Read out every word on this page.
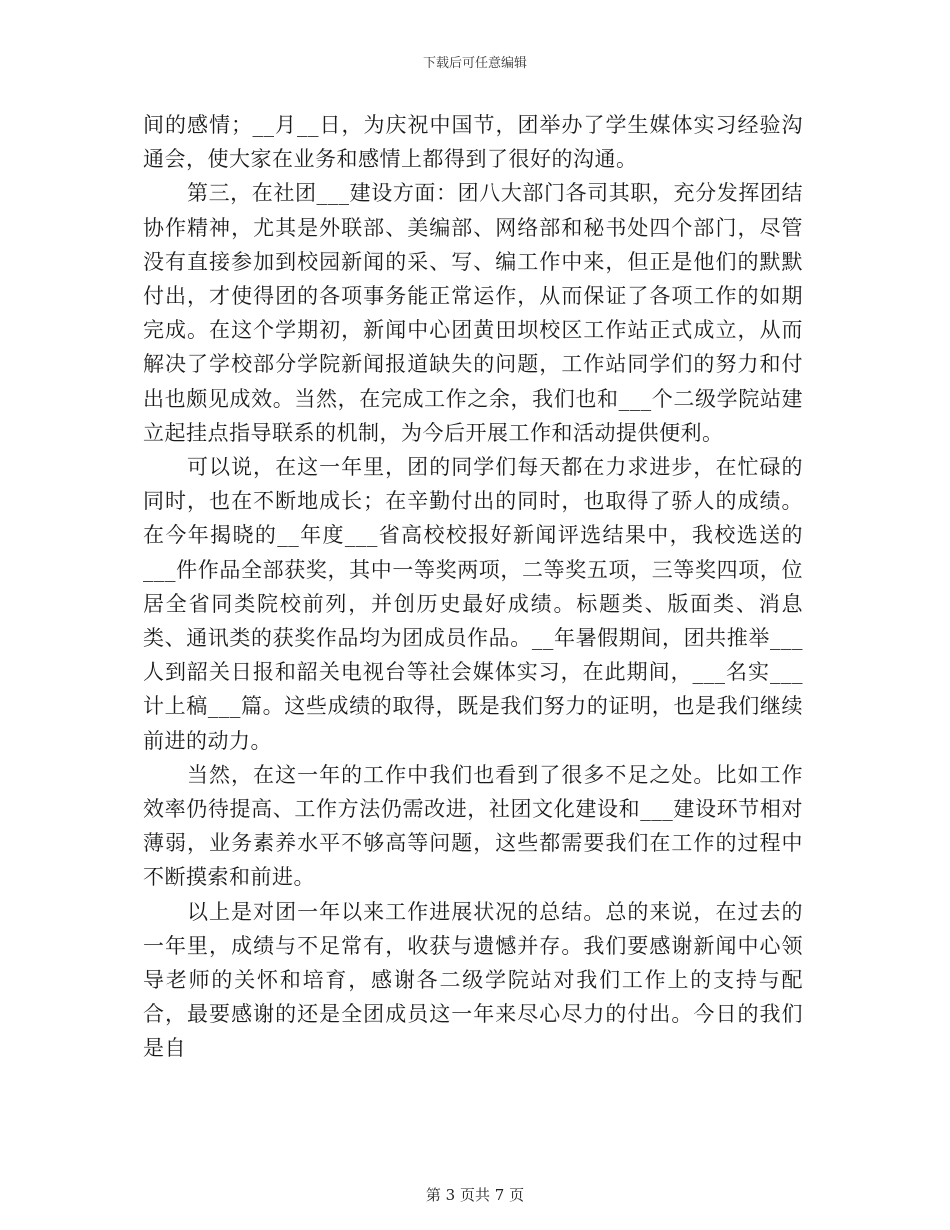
下载后可任意编辑

间的感情；__月__日，为庆祝中国节，团举办了学生媒体实习经验沟通会，使大家在业务和感情上都得到了很好的沟通。

第三，在社团___建设方面：团八大部门各司其职，充分发挥团结协作精神，尤其是外联部、美编部、网络部和秘书处四个部门，尽管没有直接参加到校园新闻的采、写、编工作中来，但正是他们的默默付出，才使得团的各项事务能正常运作，从而保证了各项工作的如期完成。在这个学期初，新闻中心团黄田坝校区工作站正式成立，从而解决了学校部分学院新闻报道缺失的问题，工作站同学们的努力和付出也颇见成效。当然，在完成工作之余，我们也和___个二级学院站建立起挂点指导联系的机制，为今后开展工作和活动提供便利。

可以说，在这一年里，团的同学们每天都在力求进步，在忙碌的同时，也在不断地成长；在辛勤付出的同时，也取得了骄人的成绩。在今年揭晓的__年度___省高校校报好新闻评选结果中，我校选送的___件作品全部获奖，其中一等奖两项，二等奖五项，三等奖四项，位居全省同类院校前列，并创历史最好成绩。标题类、版面类、消息类、通讯类的获奖作品均为团成员作品。__年暑假期间，团共推举___人到韶关日报和韶关电视台等社会媒体实习，在此期间，___名实___计上稿___篇。这些成绩的取得，既是我们努力的证明，也是我们继续前进的动力。

当然，在这一年的工作中我们也看到了很多不足之处。比如工作效率仍待提高、工作方法仍需改进，社团文化建设和___建设环节相对薄弱，业务素养水平不够高等问题，这些都需要我们在工作的过程中不断摸索和前进。

以上是对团一年以来工作进展状况的总结。总的来说，在过去的一年里，成绩与不足常有，收获与遗憾并存。我们要感谢新闻中心领导老师的关怀和培育，感谢各二级学院站对我们工作上的支持与配合，最要感谢的还是全团成员这一年来尽心尽力的付出。今日的我们是自

第 3 页共 7 页
